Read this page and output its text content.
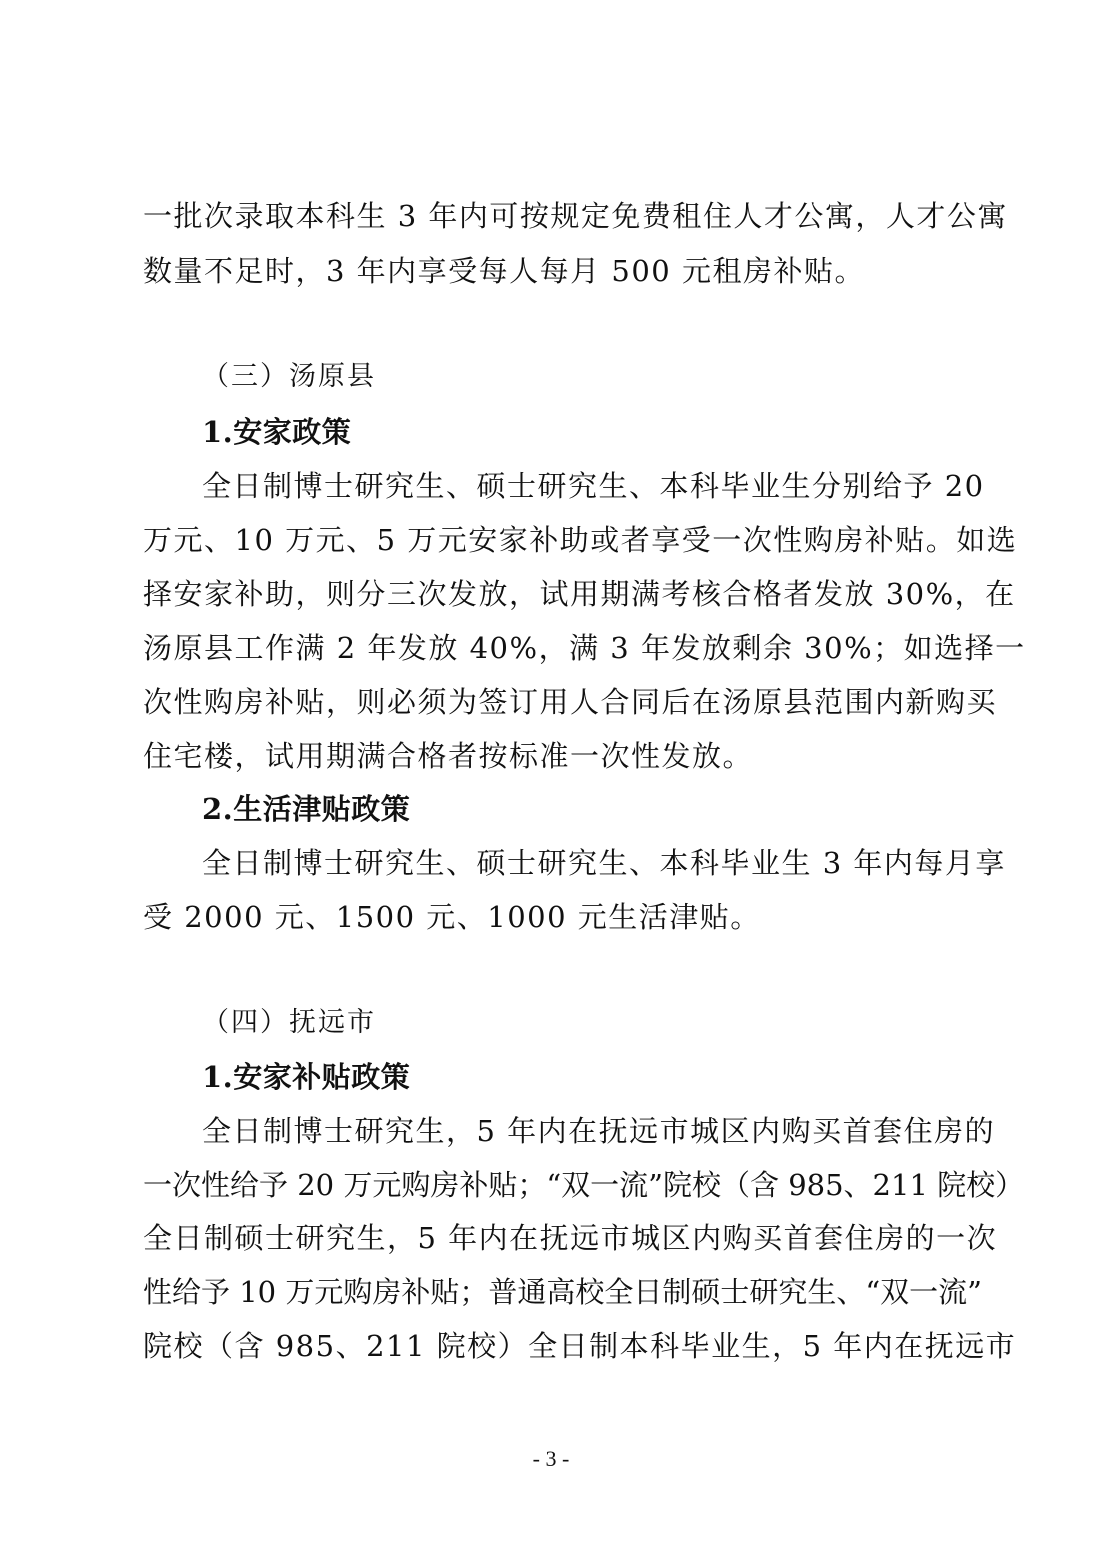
一批次录取本科生 3 年内可按规定免费租住人才公寓，人才公寓
数量不足时，3 年内享受每人每月 500 元租房补贴。
（三）汤原县
1.安家政策
全日制博士研究生、硕士研究生、本科毕业生分别给予 20
万元、10 万元、5 万元安家补助或者享受一次性购房补贴。如选
择安家补助，则分三次发放，试用期满考核合格者发放 30%，在
汤原县工作满 2 年发放 40%，满 3 年发放剩余 30%；如选择一
次性购房补贴，则必须为签订用人合同后在汤原县范围内新购买
住宅楼，试用期满合格者按标准一次性发放。
2.生活津贴政策
全日制博士研究生、硕士研究生、本科毕业生 3 年内每月享
受 2000 元、1500 元、1000 元生活津贴。
（四）抚远市
1.安家补贴政策
全日制博士研究生，5 年内在抚远市城区内购买首套住房的
一次性给予 20 万元购房补贴；“双一流”院校（含 985、211 院校）
全日制硕士研究生，5 年内在抚远市城区内购买首套住房的一次
性给予 10 万元购房补贴；普通高校全日制硕士研究生、“双一流”
院校（含 985、211 院校）全日制本科毕业生，5 年内在抚远市
- 3 -
